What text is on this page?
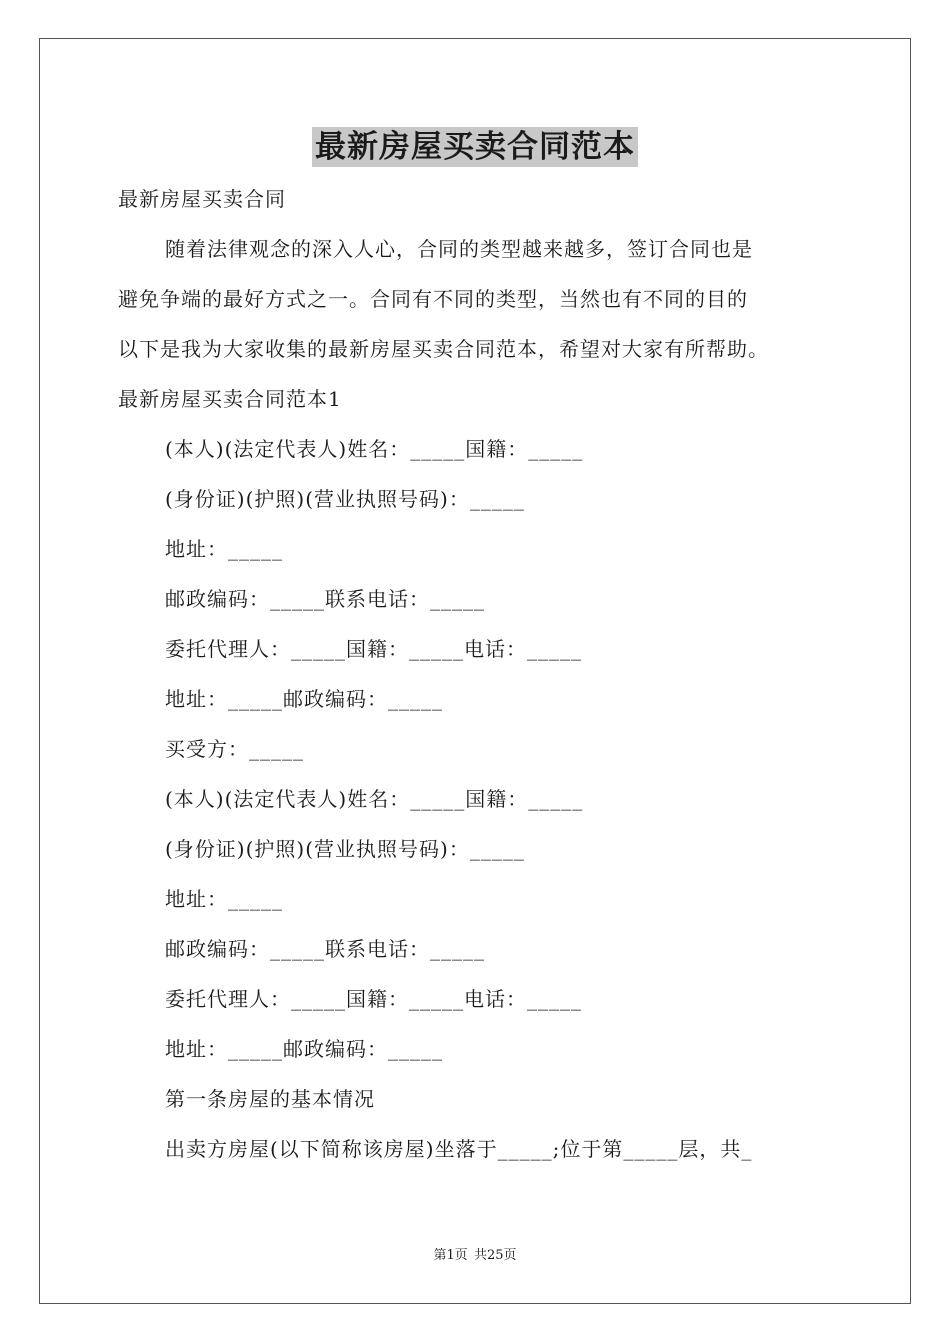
最新房屋买卖合同范本
最新房屋买卖合同
随着法律观念的深入人心，合同的类型越来越多，签订合同也是
避免争端的最好方式之一。合同有不同的类型，当然也有不同的目的
以下是我为大家收集的最新房屋买卖合同范本，希望对大家有所帮助。
最新房屋买卖合同范本1
(本人)(法定代表人)姓名：_____国籍：_____
(身份证)(护照)(营业执照号码)：_____
地址：_____
邮政编码：_____联系电话：_____
委托代理人：_____国籍：_____电话：_____
地址：_____邮政编码：_____
买受方：_____
(本人)(法定代表人)姓名：_____国籍：_____
(身份证)(护照)(营业执照号码)：_____
地址：_____
邮政编码：_____联系电话：_____
委托代理人：_____国籍：_____电话：_____
地址：_____邮政编码：_____
第一条房屋的基本情况
出卖方房屋(以下简称该房屋)坐落于_____;位于第_____层，共_
第1页 共25页
